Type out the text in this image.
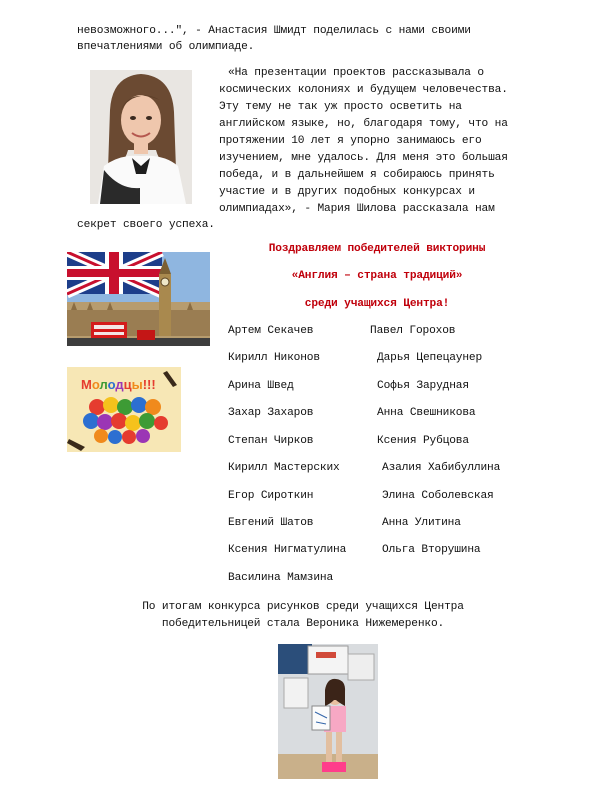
невозможного...", - Анастасия Шмидт поделилась с нами своими
впечатлениями об олимпиаде.
«На презентации проектов рассказывала о
космических колониях и будущем человечества.
Эту тему не так уж просто осветить на
английском языке, но, благодаря тому, что на
протяжении 10 лет я упорно занимаюсь его
изучением, мне удалось. Для меня это большая
победа, и в дальнейшем я собираюсь принять
участие и в других подобных конкурсах и
олимпиадах», - Мария Шилова рассказала нам
секрет своего успеха.
Поздравляем победителей викторины
«Англия – страна традиций»
среди учащихся Центра!
Молодцы!!!
Артем Секачев	Павел Горохов
Кирилл Никонов	Дарья Цепецаунер
Арина Швед	Софья Зарудная
Захар Захаров	Анна Свешникова
Степан Чирков	Ксения Рубцова
Кирилл Мастерских	Азалия Хабибуллина
Егор Сироткин	Элина Соболевская
Евгений Шатов	Анна Улитина
Ксения Нигматулина	Ольга Вторушина
Василина Мамзина
По итогам конкурса рисунков среди учащихся Центра
победительницей стала Вероника Нижемеренко.
